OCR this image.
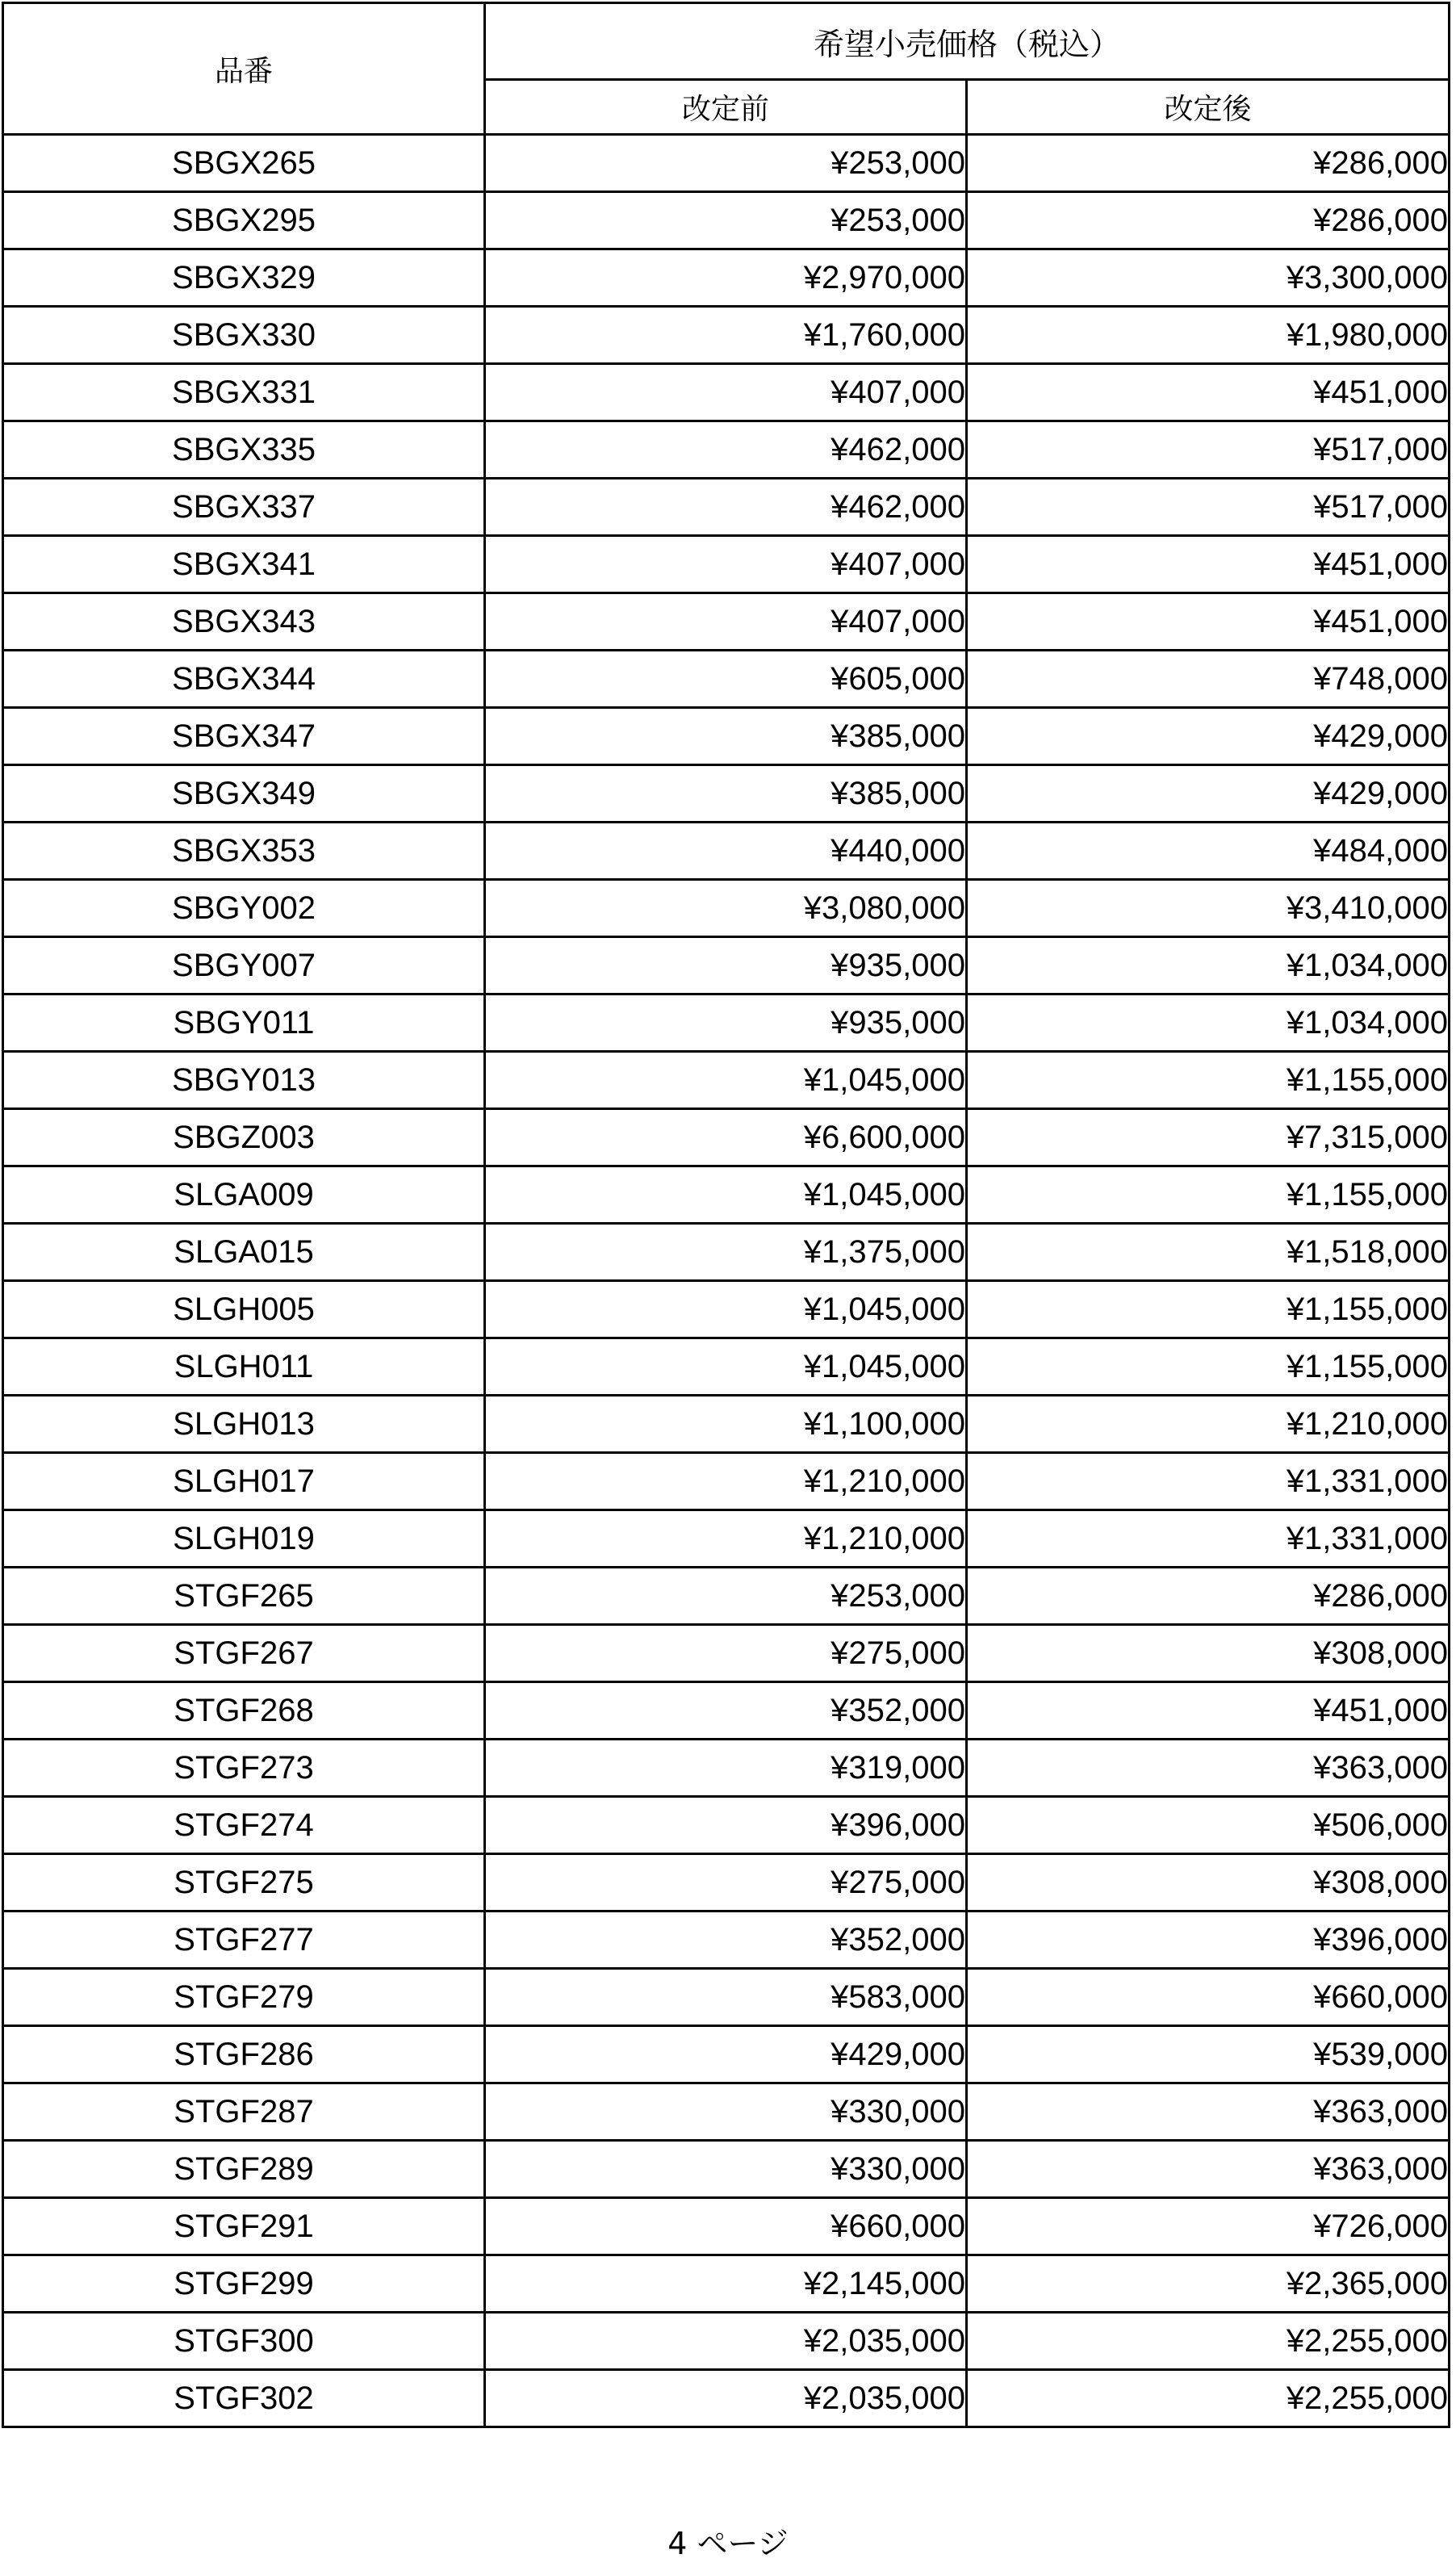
品番	希望小売価格（税込）	
	改定前	改定後
SBGX265	¥253,000	¥286,000
SBGX295	¥253,000	¥286,000
SBGX329	¥2,970,000	¥3,300,000
SBGX330	¥1,760,000	¥1,980,000
SBGX331	¥407,000	¥451,000
SBGX335	¥462,000	¥517,000
SBGX337	¥462,000	¥517,000
SBGX341	¥407,000	¥451,000
SBGX343	¥407,000	¥451,000
SBGX344	¥605,000	¥748,000
SBGX347	¥385,000	¥429,000
SBGX349	¥385,000	¥429,000
SBGX353	¥440,000	¥484,000
SBGY002	¥3,080,000	¥3,410,000
SBGY007	¥935,000	¥1,034,000
SBGY011	¥935,000	¥1,034,000
SBGY013	¥1,045,000	¥1,155,000
SBGZ003	¥6,600,000	¥7,315,000
SLGA009	¥1,045,000	¥1,155,000
SLGA015	¥1,375,000	¥1,518,000
SLGH005	¥1,045,000	¥1,155,000
SLGH011	¥1,045,000	¥1,155,000
SLGH013	¥1,100,000	¥1,210,000
SLGH017	¥1,210,000	¥1,331,000
SLGH019	¥1,210,000	¥1,331,000
STGF265	¥253,000	¥286,000
STGF267	¥275,000	¥308,000
STGF268	¥352,000	¥451,000
STGF273	¥319,000	¥363,000
STGF274	¥396,000	¥506,000
STGF275	¥275,000	¥308,000
STGF277	¥352,000	¥396,000
STGF279	¥583,000	¥660,000
STGF286	¥429,000	¥539,000
STGF287	¥330,000	¥363,000
STGF289	¥330,000	¥363,000
STGF291	¥660,000	¥726,000
STGF299	¥2,145,000	¥2,365,000
STGF300	¥2,035,000	¥2,255,000
STGF302	¥2,035,000	¥2,255,000
4 ページ
